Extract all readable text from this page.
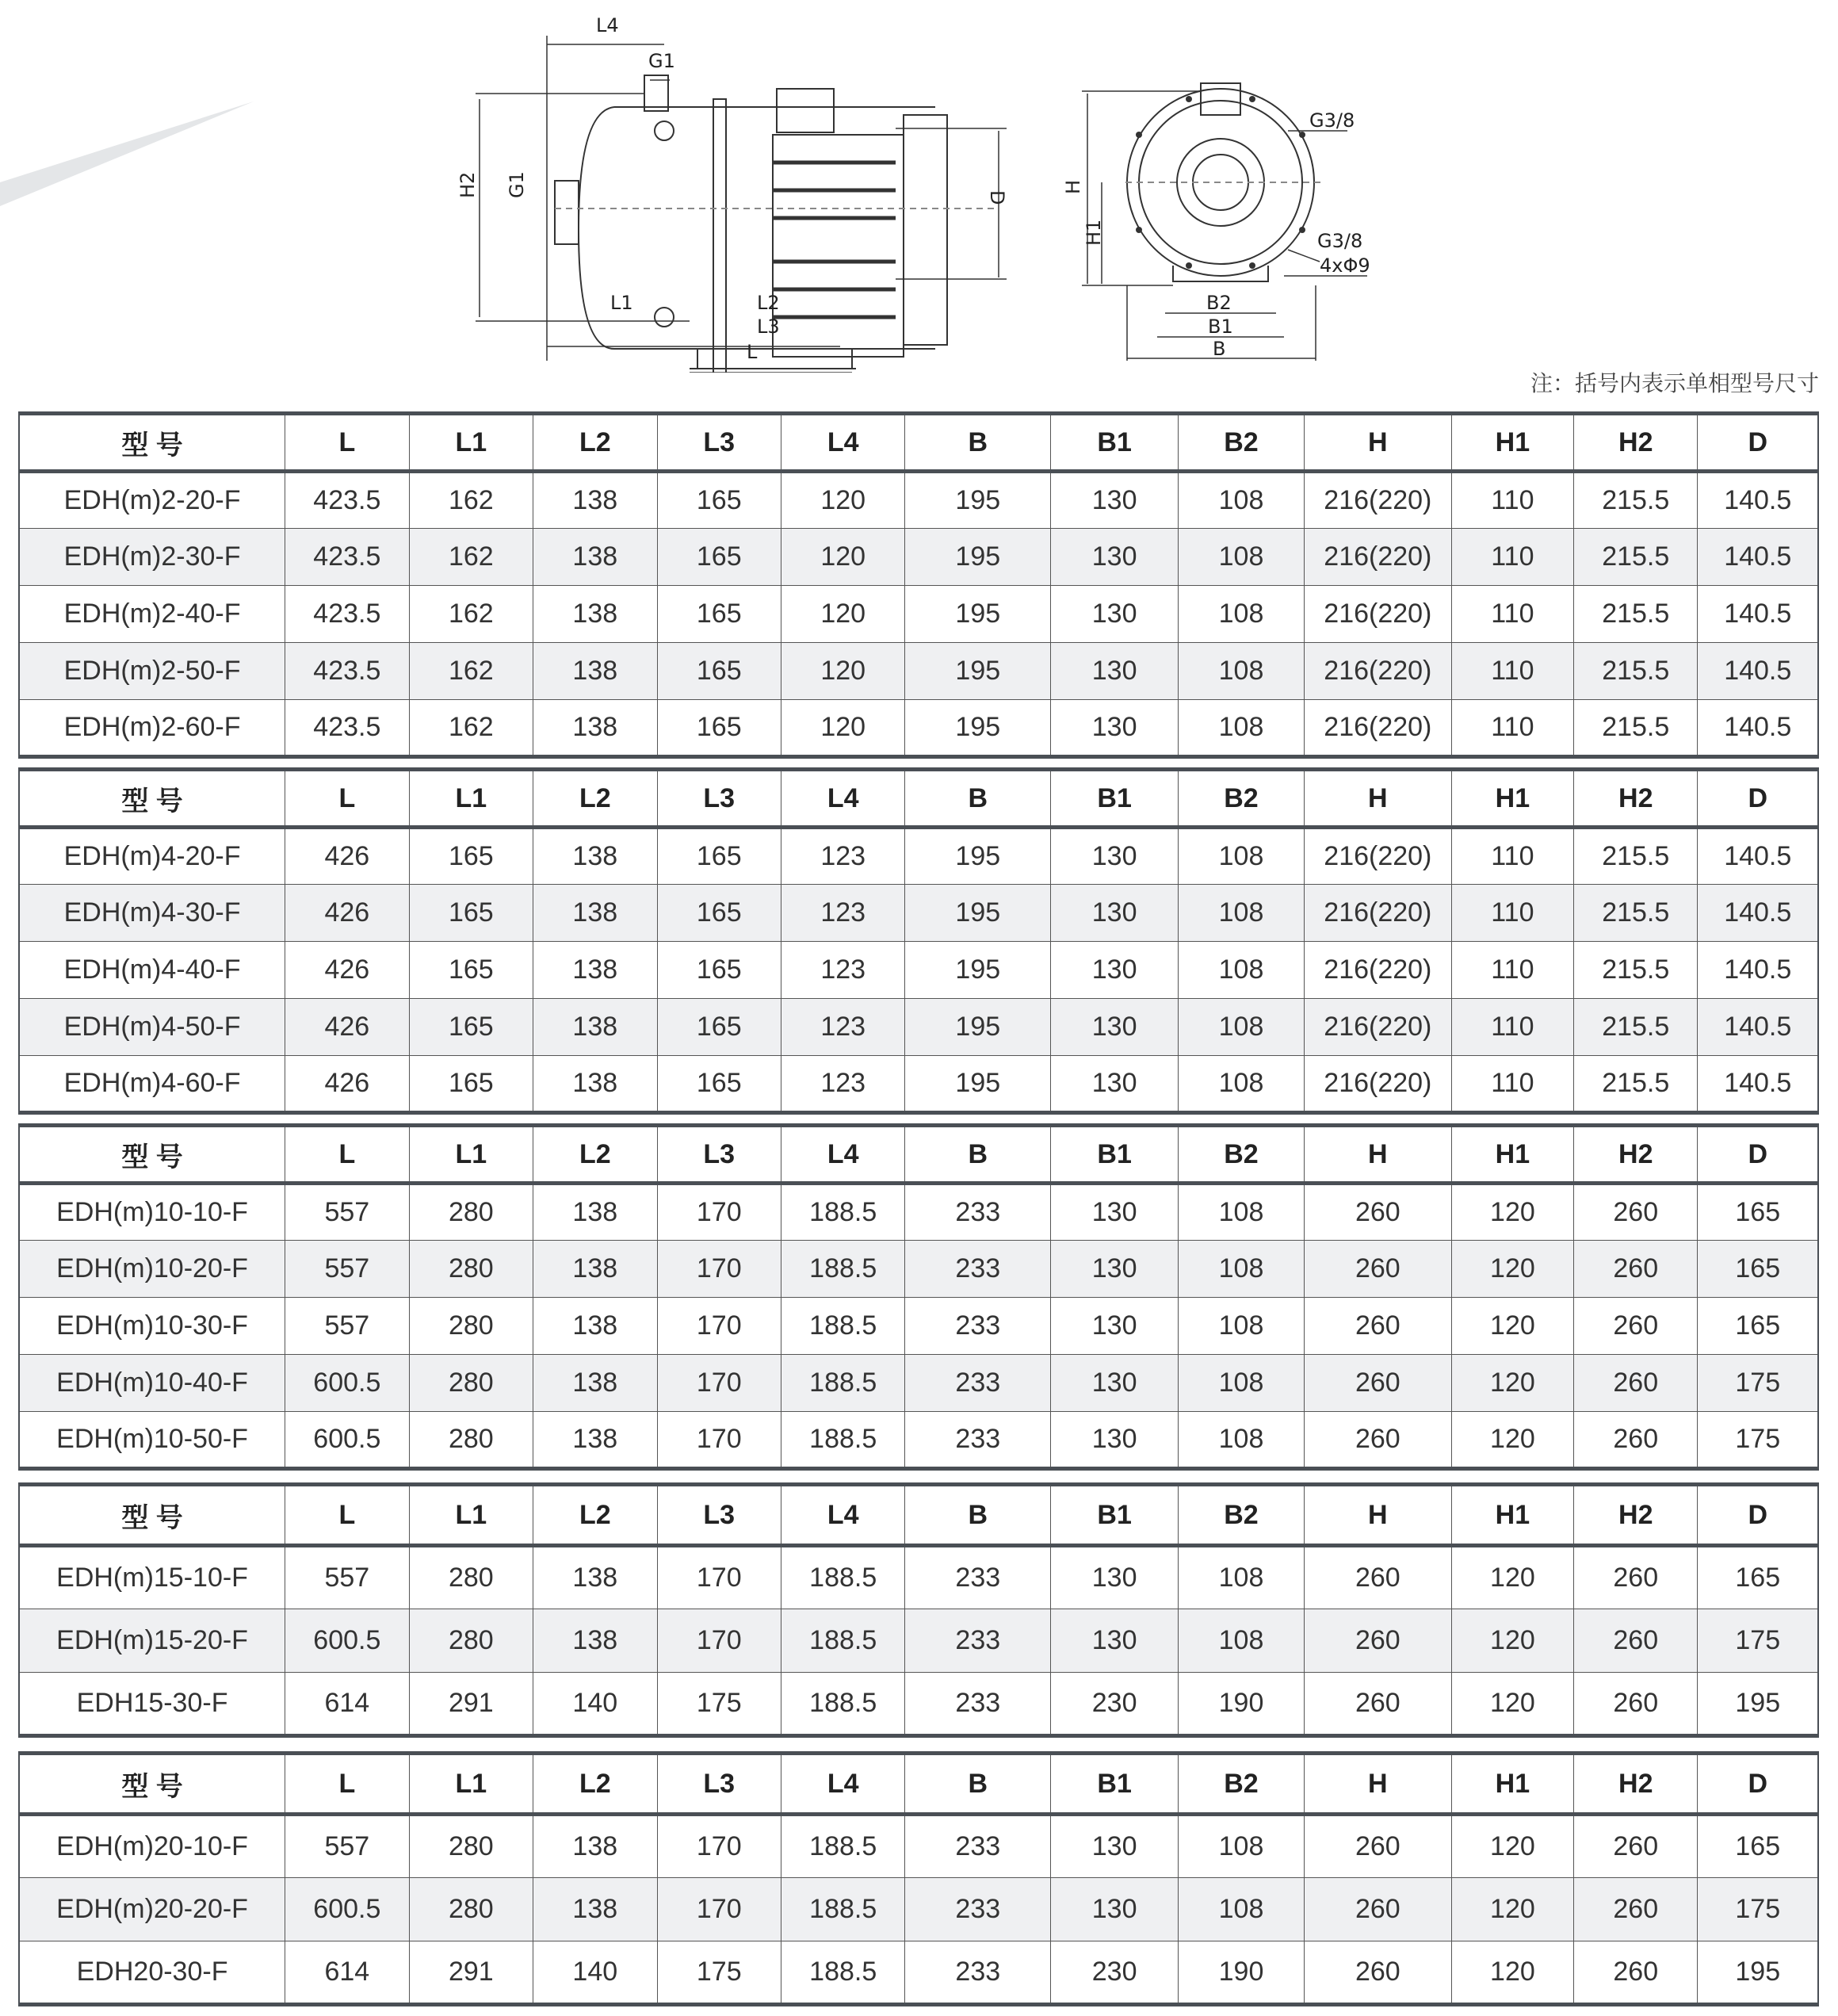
L4
G1
G1
H2	D
L1	L2
L3
L
H
H1
G3/8
G3/8
4xΦ9
B2
B1
B
注：括号内表示单相型号尺寸
型 号	L	L1	L2	L3	L4	B	B1	B2	H	H1	H2	D
EDH(m)2-20-F	423.5	162	138	165	120	195	130	108	216(220)	110	215.5	140.5
EDH(m)2-30-F	423.5	162	138	165	120	195	130	108	216(220)	110	215.5	140.5
EDH(m)2-40-F	423.5	162	138	165	120	195	130	108	216(220)	110	215.5	140.5
EDH(m)2-50-F	423.5	162	138	165	120	195	130	108	216(220)	110	215.5	140.5
EDH(m)2-60-F	423.5	162	138	165	120	195	130	108	216(220)	110	215.5	140.5
型 号	L	L1	L2	L3	L4	B	B1	B2	H	H1	H2	D
EDH(m)4-20-F	426	165	138	165	123	195	130	108	216(220)	110	215.5	140.5
EDH(m)4-30-F	426	165	138	165	123	195	130	108	216(220)	110	215.5	140.5
EDH(m)4-40-F	426	165	138	165	123	195	130	108	216(220)	110	215.5	140.5
EDH(m)4-50-F	426	165	138	165	123	195	130	108	216(220)	110	215.5	140.5
EDH(m)4-60-F	426	165	138	165	123	195	130	108	216(220)	110	215.5	140.5
型 号	L	L1	L2	L3	L4	B	B1	B2	H	H1	H2	D
EDH(m)10-10-F	557	280	138	170	188.5	233	130	108	260	120	260	165
EDH(m)10-20-F	557	280	138	170	188.5	233	130	108	260	120	260	165
EDH(m)10-30-F	557	280	138	170	188.5	233	130	108	260	120	260	165
EDH(m)10-40-F	600.5	280	138	170	188.5	233	130	108	260	120	260	175
EDH(m)10-50-F	600.5	280	138	170	188.5	233	130	108	260	120	260	175
型 号	L	L1	L2	L3	L4	B	B1	B2	H	H1	H2	D
EDH(m)15-10-F	557	280	138	170	188.5	233	130	108	260	120	260	165
EDH(m)15-20-F	600.5	280	138	170	188.5	233	130	108	260	120	260	175
EDH15-30-F	614	291	140	175	188.5	233	230	190	260	120	260	195
型 号	L	L1	L2	L3	L4	B	B1	B2	H	H1	H2	D
EDH(m)20-10-F	557	280	138	170	188.5	233	130	108	260	120	260	165
EDH(m)20-20-F	600.5	280	138	170	188.5	233	130	108	260	120	260	175
EDH20-30-F	614	291	140	175	188.5	233	230	190	260	120	260	195
